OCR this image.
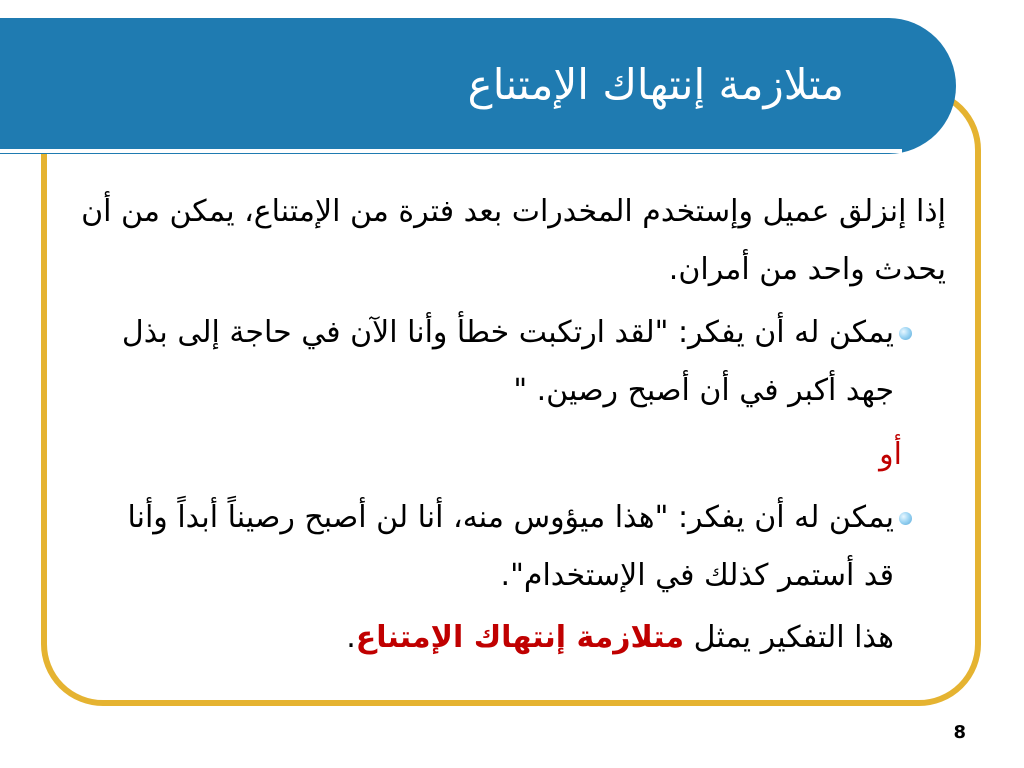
متلازمة إنتهاك الإمتناع
إذا إنزلق عميل وإستخدم المخدرات بعد فترة من الإمتناع، يمكن من أن يحدث واحد من أمران.
يمكن له أن يفكر: "لقد ارتكبت خطأ وأنا الآن في حاجة إلى بذل جهد أكبر في أن أصبح رصين. "
أو
يمكن له أن يفكر: "هذا ميؤوس منه، أنا لن أصبح رصيناً أبداً وأنا قد أستمر كذلك في الإستخدام".
هذا التفكير يمثل متلازمة إنتهاك الإمتناع.
8
